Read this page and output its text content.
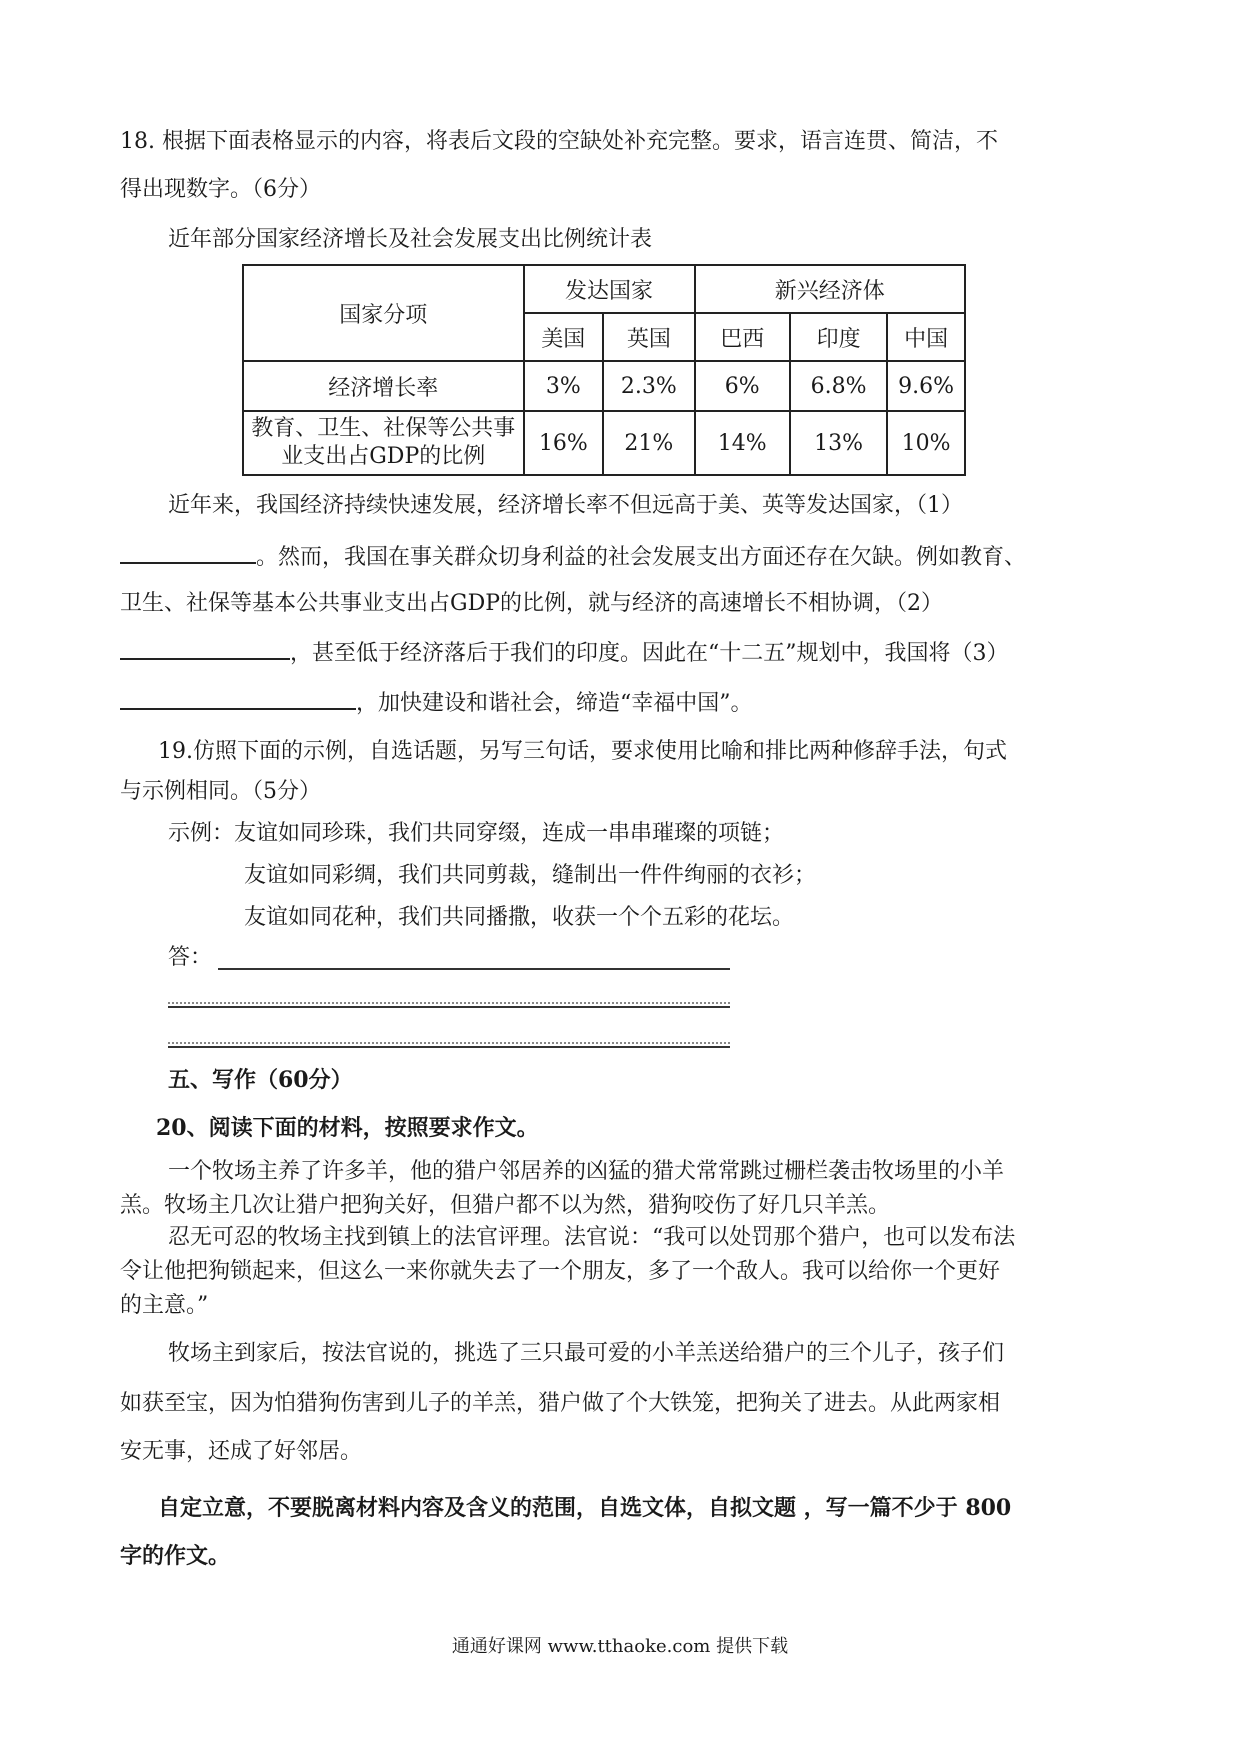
18. 根据下面表格显示的内容，将表后文段的空缺处补充完整。要求，语言连贯、简洁，不
得出现数字。（6分）
近年部分国家经济增长及社会发展支出比例统计表
国家分项	发达国家		新兴经济体		
	美国	英国	巴西	印度	中国
经济增长率	3%	2.3%	6%	6.8%	9.6%

教育、卫生、社保等公共事
业支出占GDP的比例	16%	21%	14%	13%	10%
近年来，我国经济持续快速发展，经济增长率不但远高于美、英等发达国家，（1）
。然而，我国在事关群众切身利益的社会发展支出方面还存在欠缺。例如教育、
卫生、社保等基本公共事业支出占GDP的比例，就与经济的高速增长不相协调，（2）
，甚至低于经济落后于我们的印度。因此在“十二五”规划中，我国将（3）
，加快建设和谐社会，缔造“幸福中国”。
19.仿照下面的示例，自选话题，另写三句话，要求使用比喻和排比两种修辞手法，句式
与示例相同。（5分）
示例：友谊如同珍珠，我们共同穿缀，连成一串串璀璨的项链；
友谊如同彩绸，我们共同剪裁，缝制出一件件绚丽的衣衫；
友谊如同花种，我们共同播撒，收获一个个五彩的花坛。
答：
五、写作（60分）
20、阅读下面的材料，按照要求作文。
一个牧场主养了许多羊，他的猎户邻居养的凶猛的猎犬常常跳过栅栏袭击牧场里的小羊
羔。牧场主几次让猎户把狗关好，但猎户都不以为然，猎狗咬伤了好几只羊羔。
忍无可忍的牧场主找到镇上的法官评理。法官说：“我可以处罚那个猎户，也可以发布法
令让他把狗锁起来，但这么一来你就失去了一个朋友，多了一个敌人。我可以给你一个更好
的主意。”
牧场主到家后，按法官说的，挑选了三只最可爱的小羊羔送给猎户的三个儿子，孩子们
如获至宝，因为怕猎狗伤害到儿子的羊羔，猎户做了个大铁笼，把狗关了进去。从此两家相
安无事，还成了好邻居。
自定立意，不要脱离材料内容及含义的范围，自选文体，自拟文题 ，写一篇不少于 800
字的作文。
通通好课网 www.tthaoke.com 提供下载
